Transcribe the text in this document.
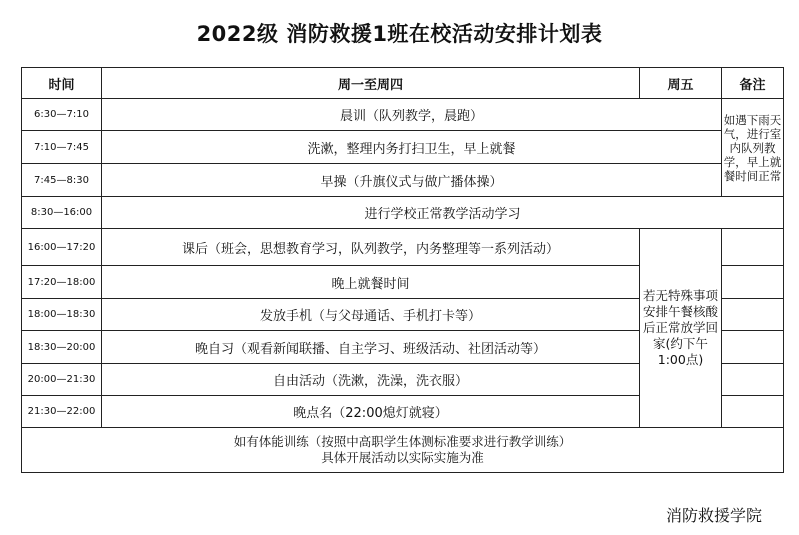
2022级 消防救援1班在校活动安排计划表
时间	周一至周四	周五	备注
6:30—7:10	晨训（队列教学，晨跑）		如遇下雨天气，进行室内队列教学，早上就餐时间正常
7:10—7:45	洗漱，整理内务打扫卫生，早上就餐		
7:45—8:30	早操（升旗仪式与做广播体操）		
8:30—16:00	进行学校正常教学活动学习		
16:00—17:20	课后（班会，思想教育学习，队列教学，内务整理等一系列活动）	若无特殊事项安排午餐核酸后正常放学回家(约下午1:00点)	
17:20—18:00	晚上就餐时间		
18:00—18:30	发放手机（与父母通话、手机打卡等）		
18:30—20:00	晚自习（观看新闻联播、自主学习、班级活动、社团活动等）		
20:00—21:30	自由活动（洗漱，洗澡，洗衣服）		
21:30—22:00	晚点名（22:00熄灯就寝）		

如有体能训练（按照中高职学生体测标准要求进行教学训练）
具体开展活动以实际实施为准			
消防救援学院
